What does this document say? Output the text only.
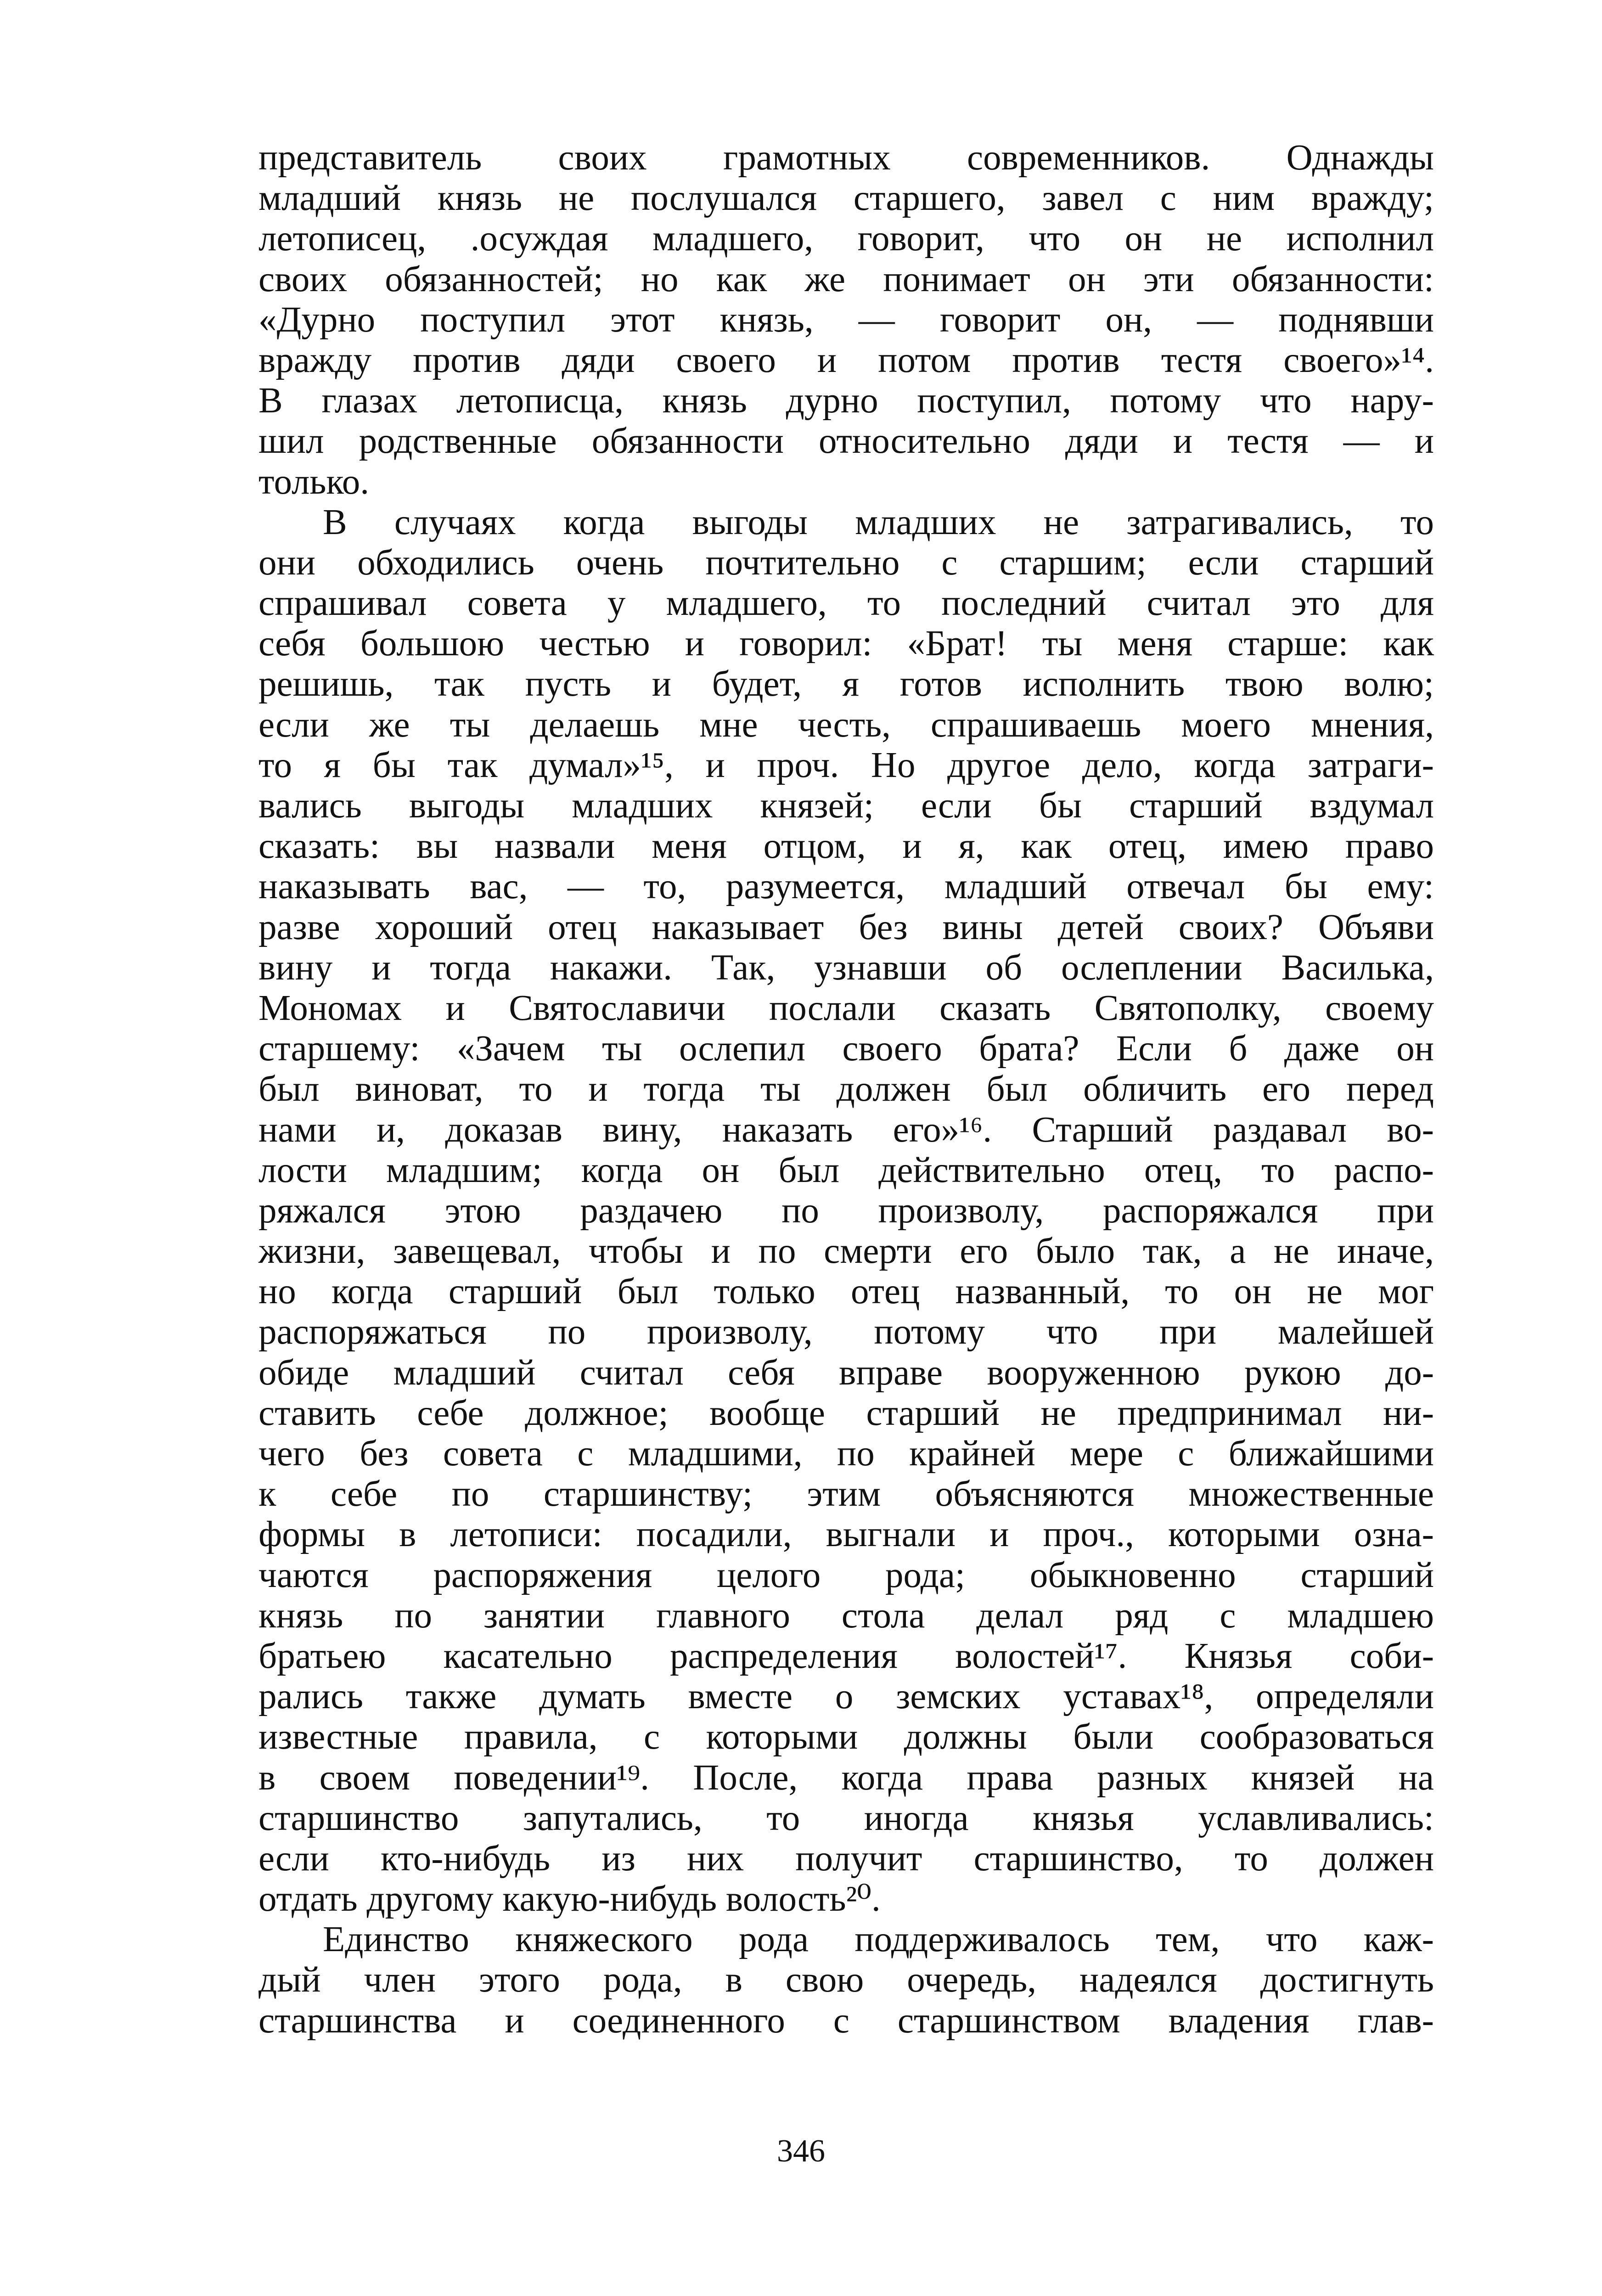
представитель своих грамотных современников. Однажды
младший князь не послушался старшего, завел с ним вражду;
летописец, .осуждая младшего, говорит, что он не исполнил
своих обязанностей; но как же понимает он эти обязанности:
«Дурно поступил этот князь, — говорит он, — поднявши
вражду против дяди своего и потом против тестя своего»¹⁴.
В глазах летописца, князь дурно поступил, потому что нару-
шил родственные обязанности относительно дяди и тестя — и
только.
В случаях когда выгоды младших не затрагивались, то
они обходились очень почтительно с старшим; если старший
спрашивал совета у младшего, то последний считал это для
себя большою честью и говорил: «Брат! ты меня старше: как
решишь, так пусть и будет, я готов исполнить твою волю;
если же ты делаешь мне честь, спрашиваешь моего мнения,
то я бы так думал»¹⁵, и проч. Но другое дело, когда затраги-
вались выгоды младших князей; если бы старший вздумал
сказать: вы назвали меня отцом, и я, как отец, имею право
наказывать вас, — то, разумеется, младший отвечал бы ему:
разве хороший отец наказывает без вины детей своих? Объяви
вину и тогда накажи. Так, узнавши об ослеплении Василька,
Мономах и Святославичи послали сказать Святополку, своему
старшему: «Зачем ты ослепил своего брата? Если б даже он
был виноват, то и тогда ты должен был обличить его перед
нами и, доказав вину, наказать его»¹⁶. Старший раздавал во-
лости младшим; когда он был действительно отец, то распо-
ряжался этою раздачею по произволу, распоряжался при
жизни, завещевал, чтобы и по смерти его было так, а не иначе,
но когда старший был только отец названный, то он не мог
распоряжаться по произволу, потому что при малейшей
обиде младший считал себя вправе вооруженною рукою до-
ставить себе должное; вообще старший не предпринимал ни-
чего без совета с младшими, по крайней мере с ближайшими
к себе по старшинству; этим объясняются множественные
формы в летописи: посадили, выгнали и проч., которыми озна-
чаются распоряжения целого рода; обыкновенно старший
князь по занятии главного стола делал ряд с младшею
братьею касательно распределения волостей¹⁷. Князья соби-
рались также думать вместе о земских уставах¹⁸, определяли
известные правила, с которыми должны были сообразоваться
в своем поведении¹⁹. После, когда права разных князей на
старшинство запутались, то иногда князья уславливались:
если кто-нибудь из них получит старшинство, то должен
отдать другому какую-нибудь волость²⁰.
Единство княжеского рода поддерживалось тем, что каж-
дый член этого рода, в свою очередь, надеялся достигнуть
старшинства и соединенного с старшинством владения глав-
346
